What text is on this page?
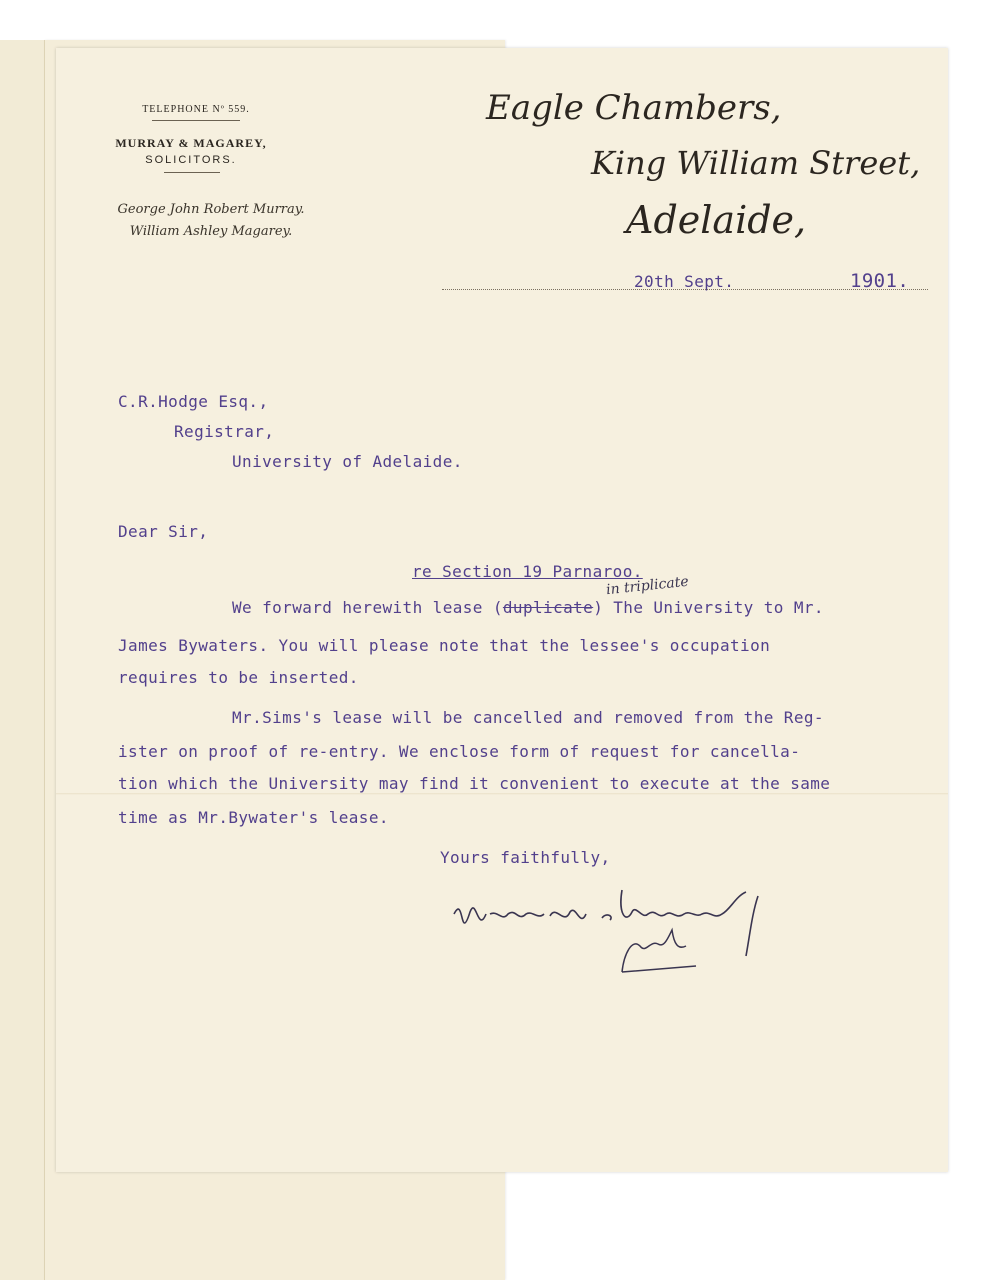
TELEPHONE Nº 559.
MURRAY & MAGAREY,
SOLICITORS.
George John Robert Murray.
William Ashley Magarey.
Eagle Chambers,
King William Street,
Adelaide,
20th Sept.	1901.
C.R.Hodge Esq.,
Registrar,
University of Adelaide.
Dear Sir,
re Section 19 Parnaroo.
in triplicate
We forward herewith lease (duplicate) The University to Mr.
James Bywaters. You will please note that the lessee's occupation
requires to be inserted.
Mr.Sims's lease will be cancelled and removed from the Reg-
ister on proof of re-entry. We enclose form of request for cancella-
tion which the University may find it convenient to execute at the same
time as Mr.Bywater's lease.
Yours faithfully,
